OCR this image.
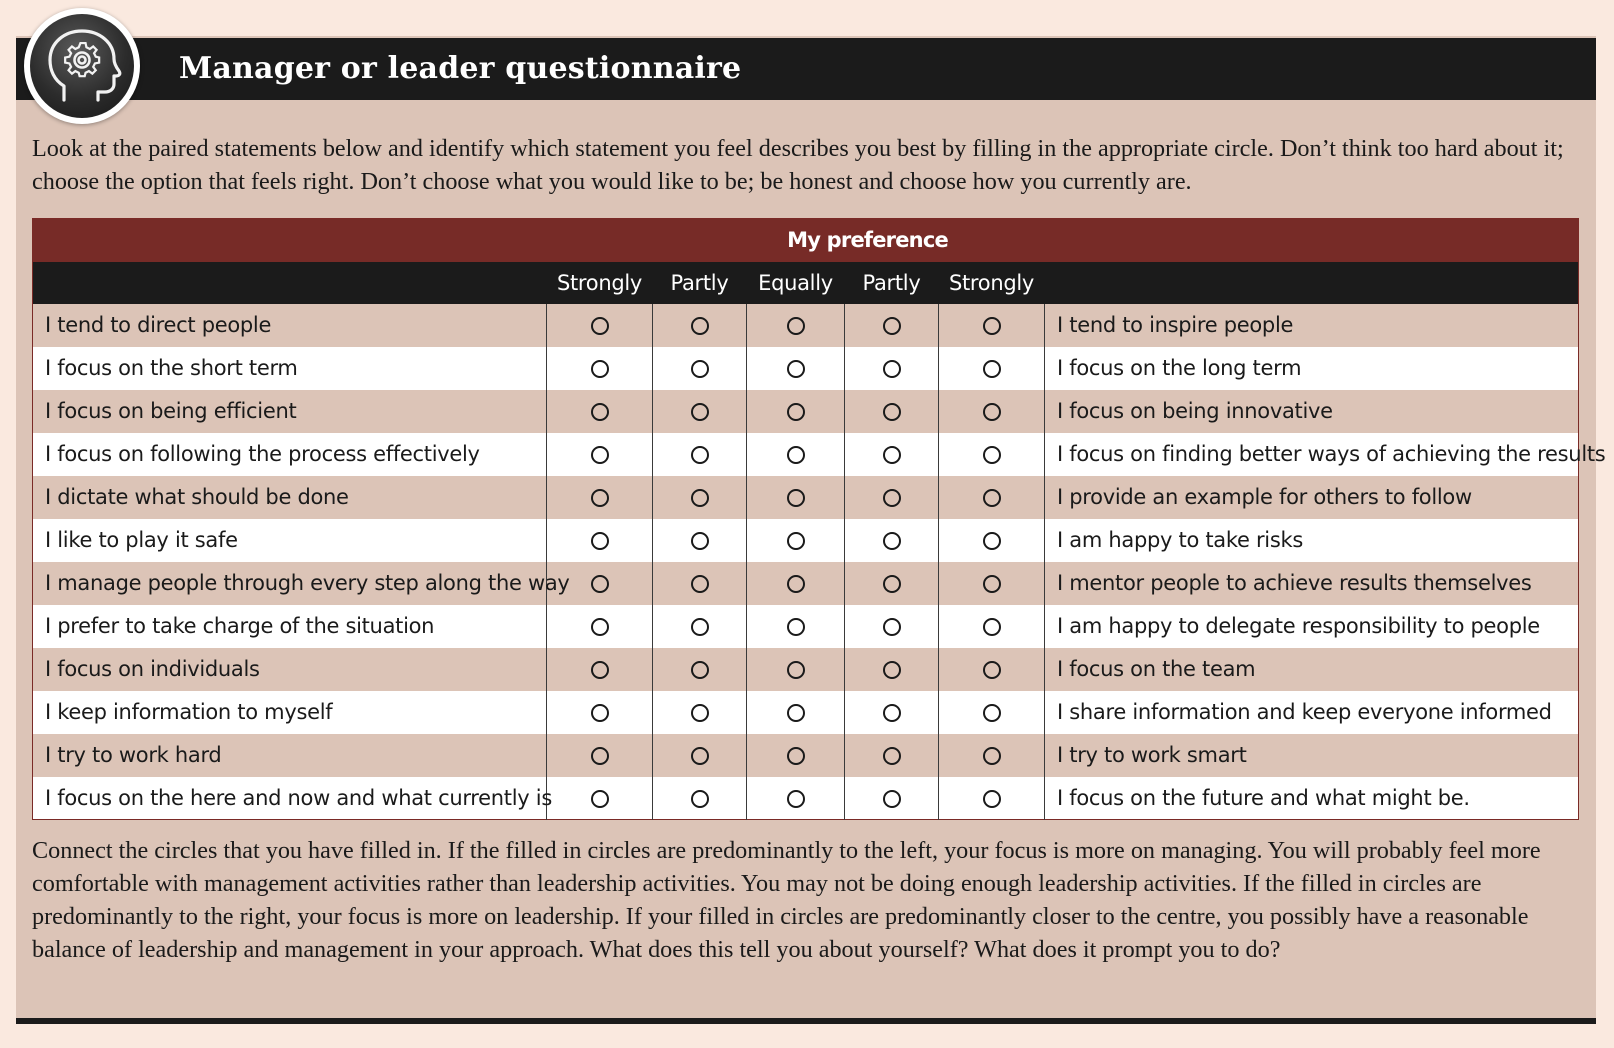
Manager or leader questionnaire

Look at the paired statements below and identify which statement you feel describes you best by filling in the appropriate circle. Don’t think too hard about it; choose the option that feels right. Don’t choose what you would like to be; be honest and choose how you currently are.

My preference						
	Strongly	Partly	Equally	Partly	Strongly	
I tend to direct people						I tend to inspire people
I focus on the short term						I focus on the long term
I focus on being efficient						I focus on being innovative
I focus on following the process effectively						I focus on finding better ways of achieving the results
I dictate what should be done						I provide an example for others to follow
I like to play it safe						I am happy to take risks
I manage people through every step along the way						I mentor people to achieve results themselves
I prefer to take charge of the situation						I am happy to delegate responsibility to people
I focus on individuals						I focus on the team
I keep information to myself						I share information and keep everyone informed
I try to work hard						I try to work smart
I focus on the here and now and what currently is						I focus on the future and what might be.

Connect the circles that you have filled in. If the filled in circles are predominantly to the left, your focus is more on managing. You will probably feel more comfortable with management activities rather than leadership activities. You may not be doing enough leadership activities. If the filled in circles are predominantly to the right, your focus is more on leadership. If your filled in circles are predominantly closer to the centre, you possibly have a reasonable balance of leadership and management in your approach. What does this tell you about yourself? What does it prompt you to do?
